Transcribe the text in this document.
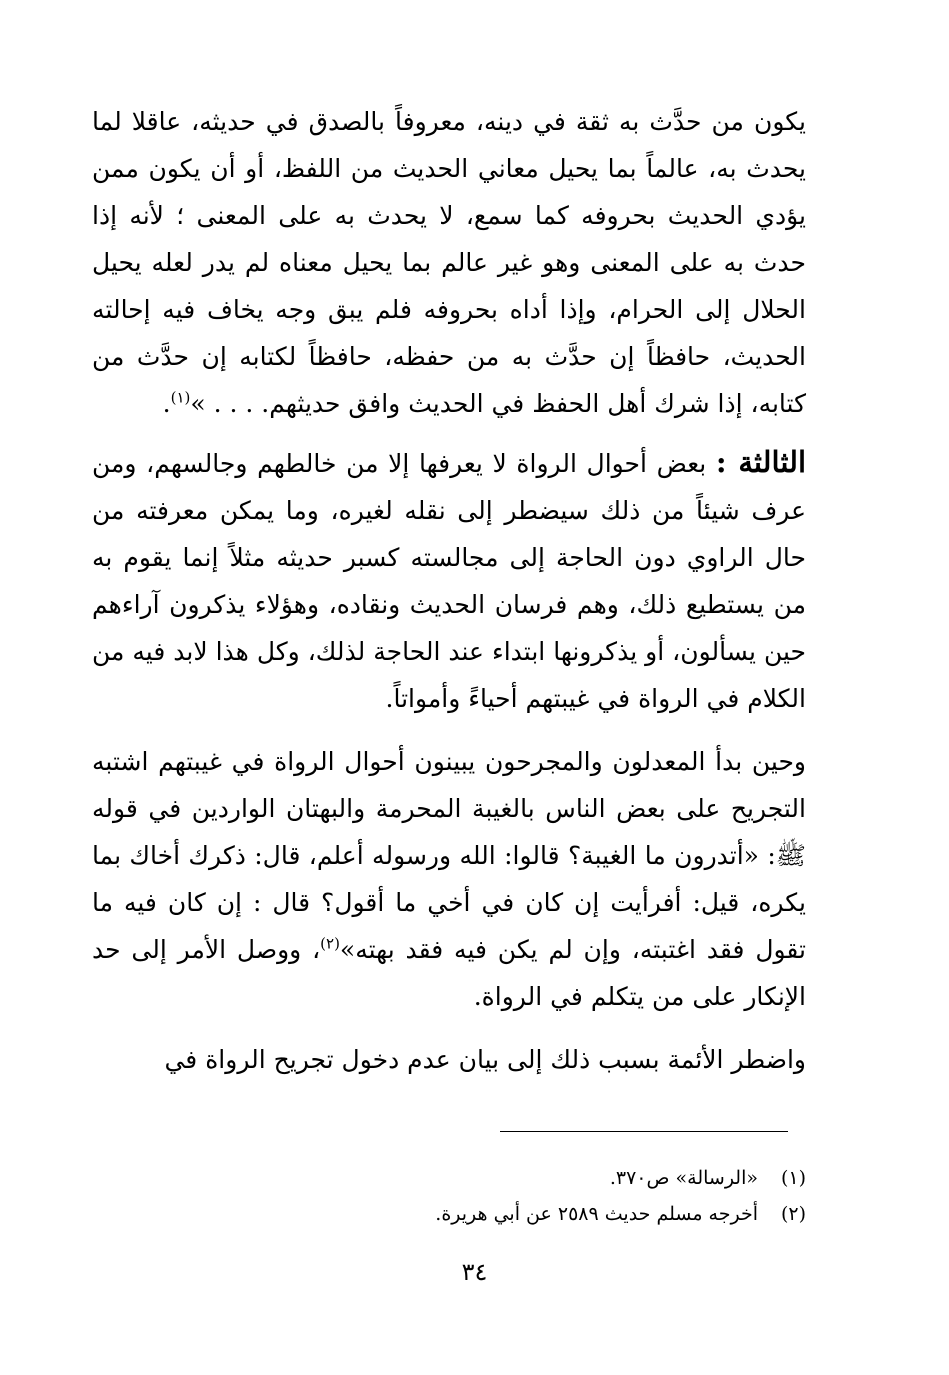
يكون من حدَّث به ثقة في دينه، معروفاً بالصدق في حديثه، عاقلا لما يحدث به، عالماً بما يحيل معاني الحديث من اللفظ، أو أن يكون ممن يؤدي الحديث بحروفه كما سمع، لا يحدث به على المعنى ؛ لأنه إذا حدث به على المعنى وهو غير عالم بما يحيل معناه لم يدر لعله يحيل الحلال إلى الحرام، وإذا أداه بحروفه فلم يبق وجه يخاف فيه إحالته الحديث، حافظاً إن حدَّث به من حفظه، حافظاً لكتابه إن حدَّث من كتابه، إذا شرك أهل الحفظ في الحديث وافق حديثهم. . . . »$^{(١)}$.

الثالثة : بعض أحوال الرواة لا يعرفها إلا من خالطهم وجالسهم، ومن عرف شيئاً من ذلك سيضطر إلى نقله لغيره، وما يمكن معرفته من حال الراوي دون الحاجة إلى مجالسته كسبر حديثه مثلاً إنما يقوم به من يستطيع ذلك، وهم فرسان الحديث ونقاده، وهؤلاء يذكرون آراءهم حين يسألون، أو يذكرونها ابتداء عند الحاجة لذلك، وكل هذا لابد فيه من الكلام في الرواة في غيبتهم أحياءً وأمواتاً.

وحين بدأ المعدلون والمجرحون يبينون أحوال الرواة في غيبتهم اشتبه التجريح على بعض الناس بالغيبة المحرمة والبهتان الواردين في قوله ﷺ: «أتدرون ما الغيبة؟ قالوا: الله ورسوله أعلم، قال: ذكرك أخاك بما يكره، قيل: أفرأيت إن كان في أخي ما أقول؟ قال : إن كان فيه ما تقول فقد اغتبته، وإن لم يكن فيه فقد بهته»$^{(٢)}$، ووصل الأمر إلى حد الإنكار على من يتكلم في الرواة.

واضطر الأئمة بسبب ذلك إلى بيان عدم دخول تجريح الرواة في

(١)
«الرسالة» ص٣٧٠.
(٢)
أخرجه مسلم حديث ٢٥٨٩ عن أبي هريرة.
٣٤
